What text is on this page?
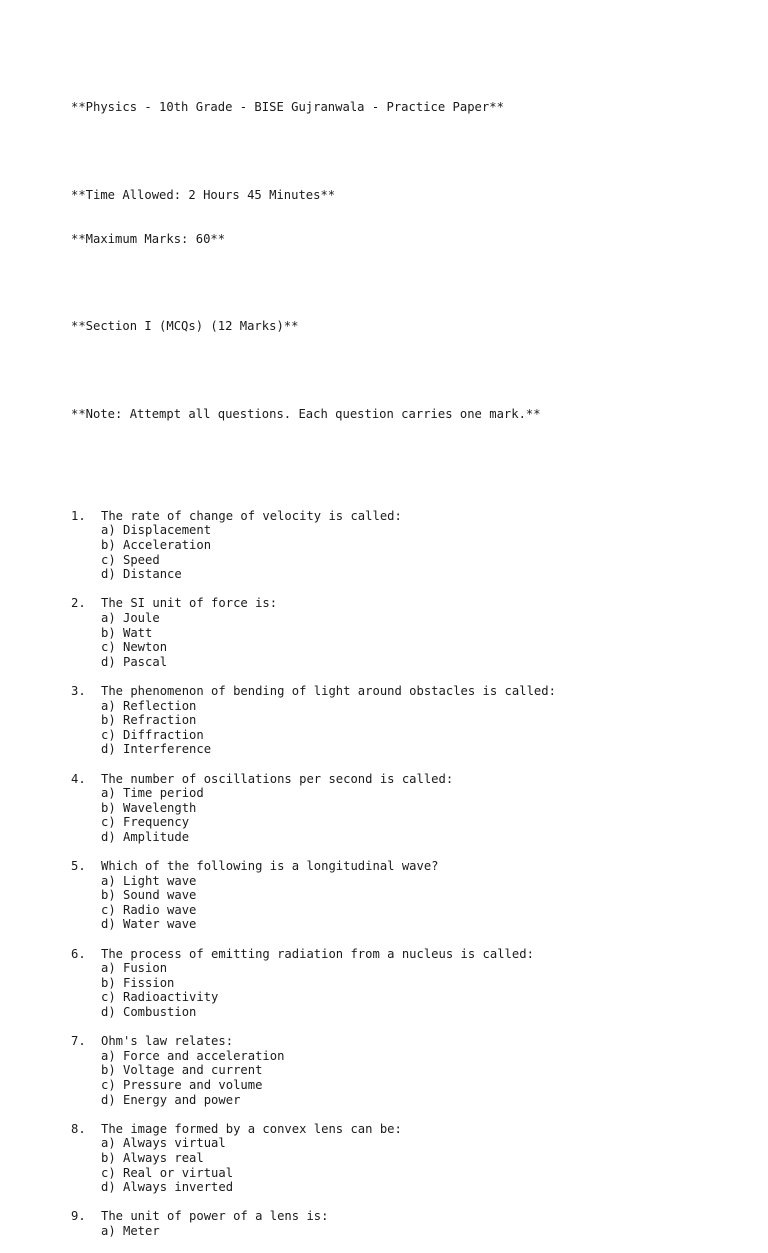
**Physics - 10th Grade - BISE Gujranwala - Practice Paper**

**Time Allowed: 2 Hours 45 Minutes**

**Maximum Marks: 60**

**Section I (MCQs) (12 Marks)**

**Note: Attempt all questions. Each question carries one mark.**

1.	The rate of change of velocity is called:
a) Displacement
b) Acceleration
c) Speed
d) Distance
2.	The SI unit of force is:
a) Joule
b) Watt
c) Newton
d) Pascal
3.	The phenomenon of bending of light around obstacles is called:
a) Reflection
b) Refraction
c) Diffraction
d) Interference
4.	The number of oscillations per second is called:
a) Time period
b) Wavelength
c) Frequency
d) Amplitude
5.	Which of the following is a longitudinal wave?
a) Light wave
b) Sound wave
c) Radio wave
d) Water wave
6.	The process of emitting radiation from a nucleus is called:
a) Fusion
b) Fission
c) Radioactivity
d) Combustion
7.	Ohm's law relates:
a) Force and acceleration
b) Voltage and current
c) Pressure and volume
d) Energy and power
8.	The image formed by a convex lens can be:
a) Always virtual
b) Always real
c) Real or virtual
d) Always inverted
9.	The unit of power of a lens is:
a) Meter
